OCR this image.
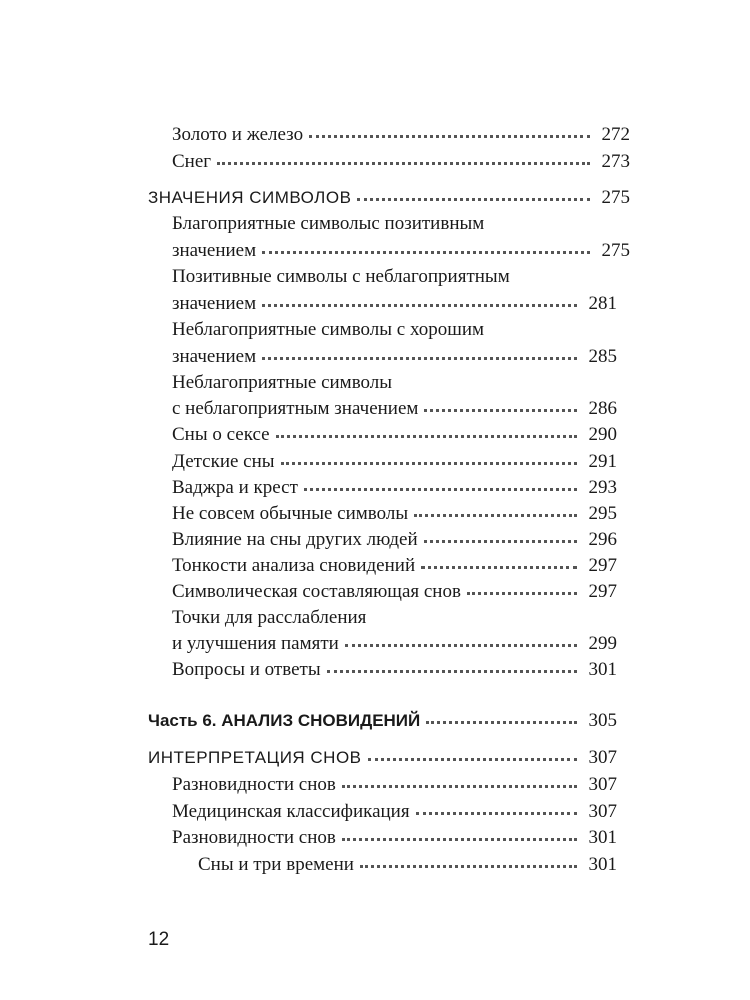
Золото и железо	272
Снег	273
ЗНАЧЕНИЯ СИМВОЛОВ	275
Благоприятные символыс позитивным
значением	275
Позитивные символы с неблагоприятным
значением	281
Неблагоприятные символы с хорошим
значением	285
Неблагоприятные символы
с неблагоприятным значением	286
Сны о сексе	290
Детские сны	291
Ваджра и крест	293
Не совсем обычные символы	295
Влияние на сны других людей	296
Тонкости анализа сновидений	297
Символическая составляющая снов	297
Точки для расслабления
и улучшения памяти	299
Вопросы и ответы	301
Часть 6. АНАЛИЗ СНОВИДЕНИЙ	305
ИНТЕРПРЕТАЦИЯ СНОВ	307
Разновидности снов	307
Медицинская классификация	307
Разновидности снов	301
Сны и три времени	301
12
